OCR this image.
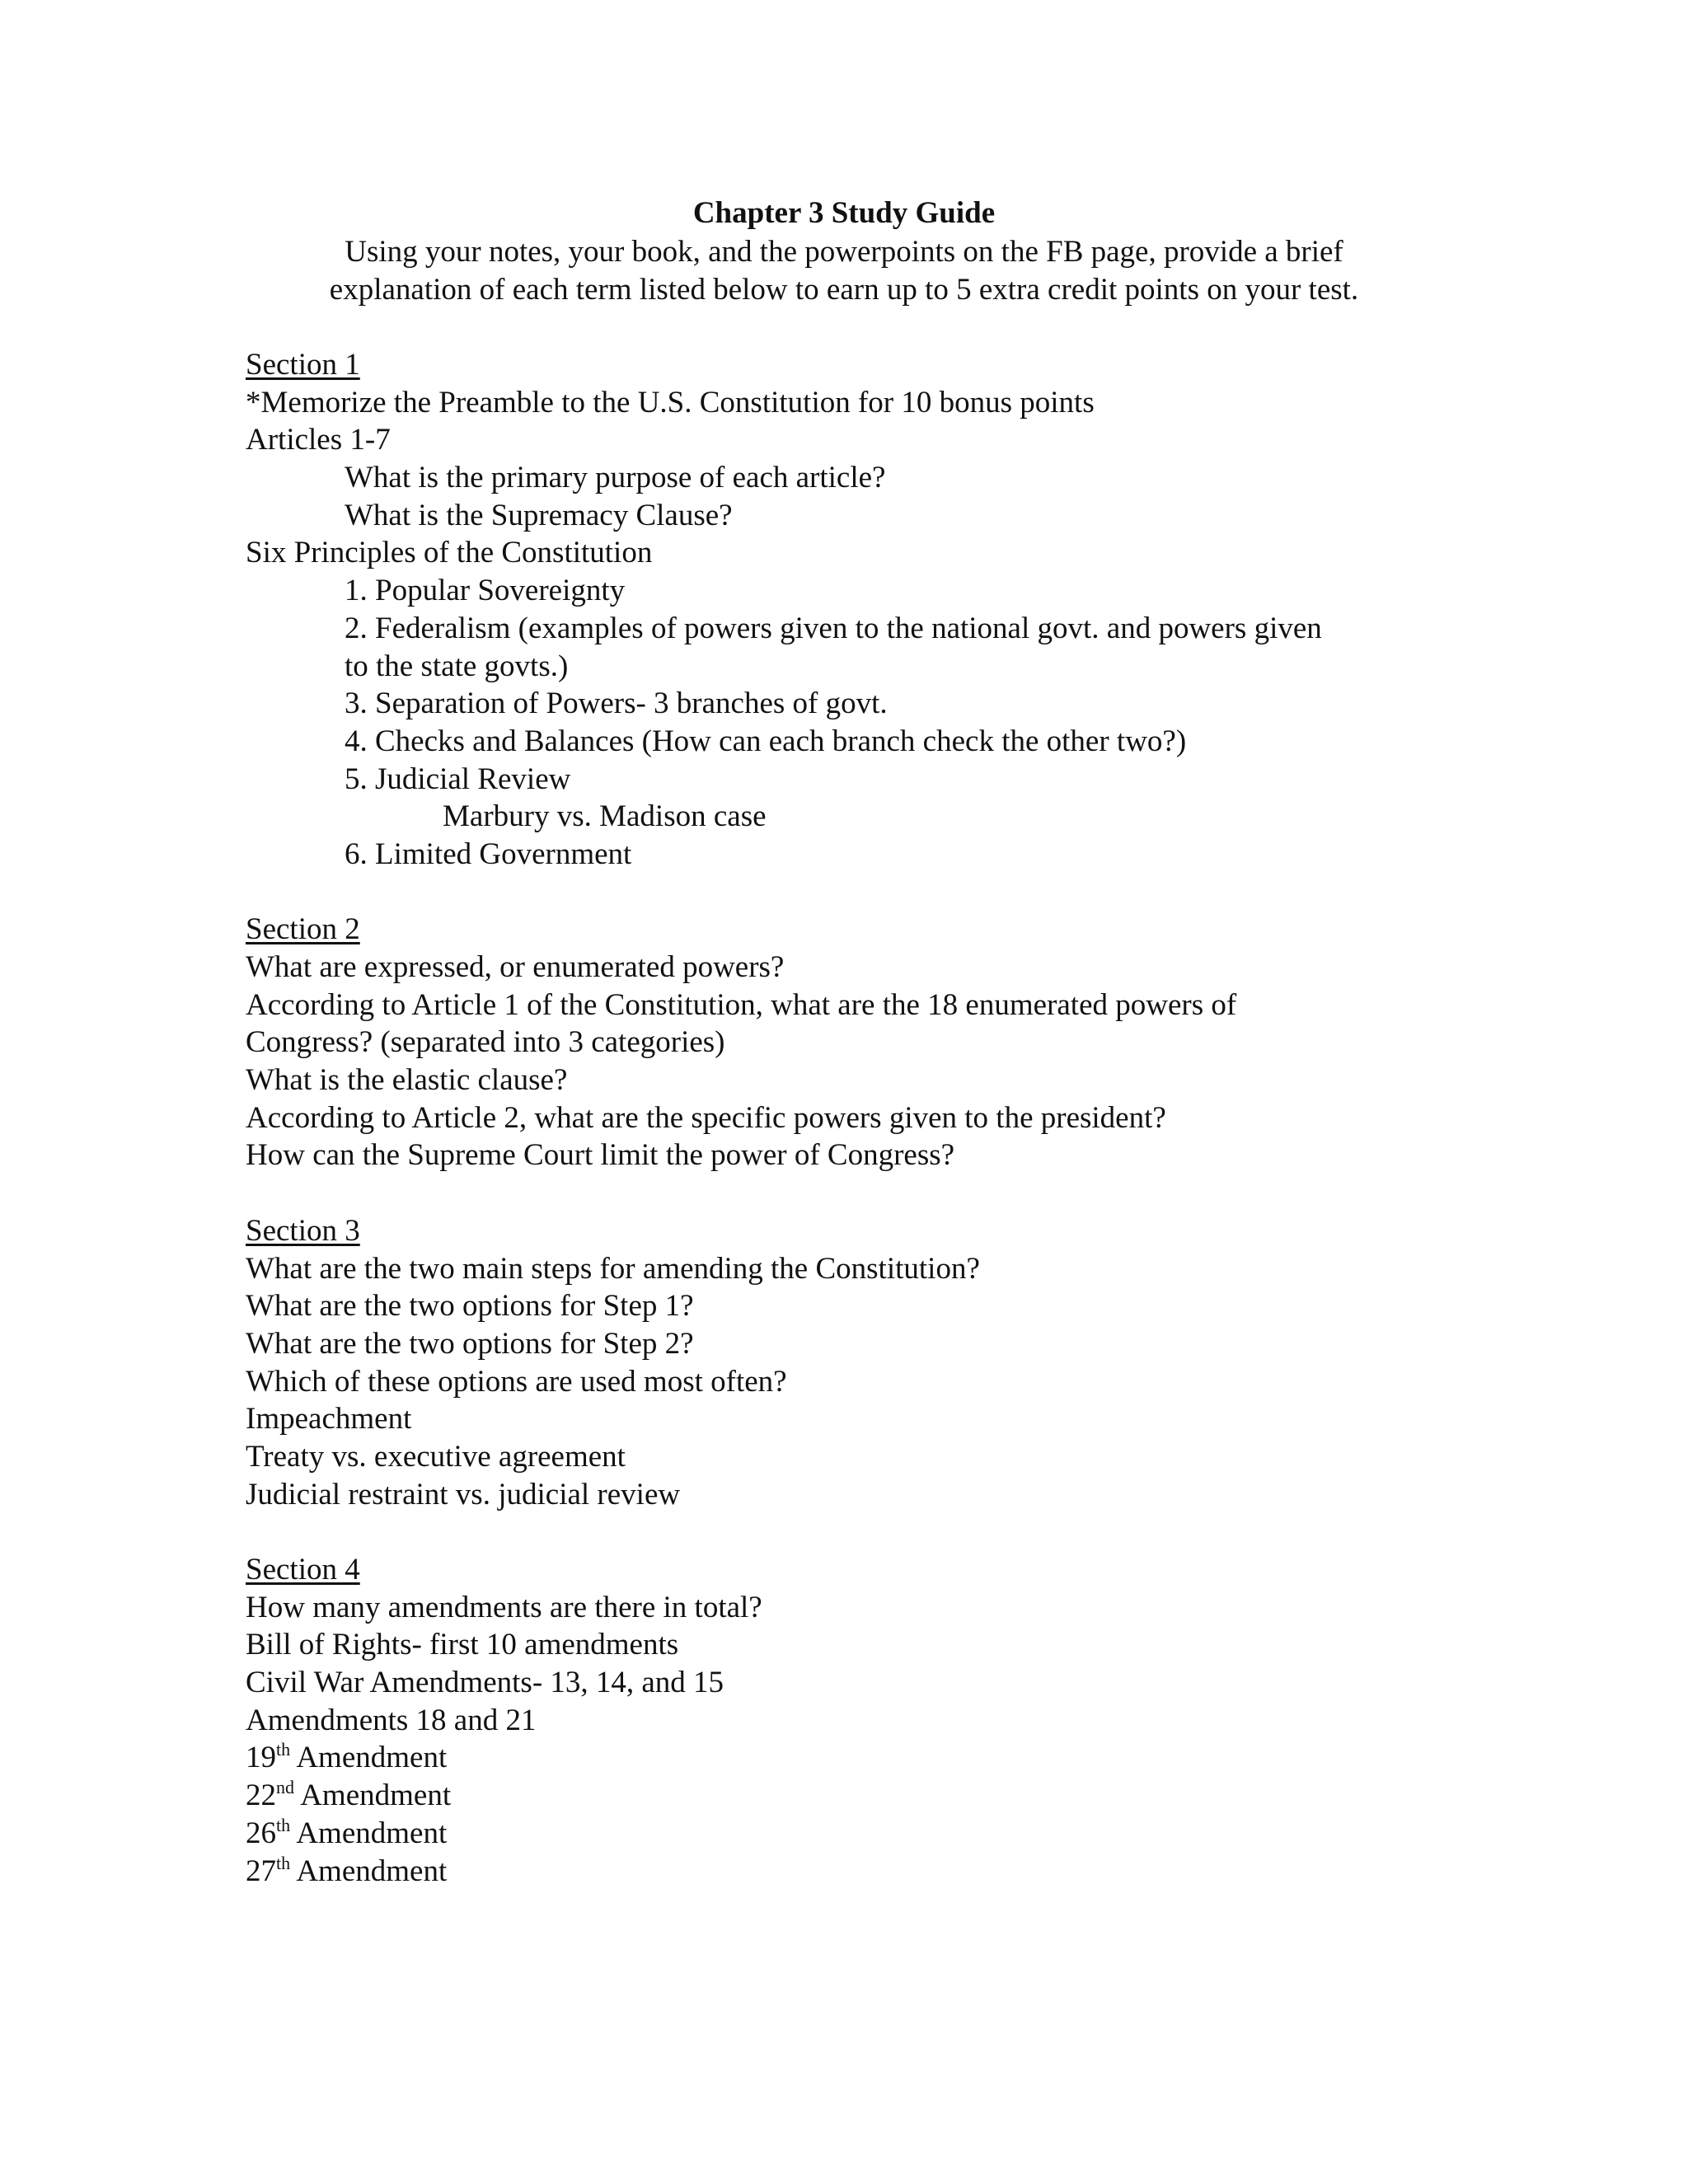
Chapter 3 Study Guide
Using your notes, your book, and the powerpoints on the FB page, provide a brief
explanation of each term listed below to earn up to 5 extra credit points on your test.
Section 1
*Memorize the Preamble to the U.S. Constitution for 10 bonus points
Articles 1-7
What is the primary purpose of each article?
What is the Supremacy Clause?
Six Principles of the Constitution
1. Popular Sovereignty
2. Federalism (examples of powers given to the national govt. and powers given
to the state govts.)
3. Separation of Powers- 3 branches of govt.
4. Checks and Balances (How can each branch check the other two?)
5. Judicial Review
Marbury vs. Madison case
6. Limited Government
Section 2
What are expressed, or enumerated powers?
According to Article 1 of the Constitution, what are the 18 enumerated powers of
Congress? (separated into 3 categories)
What is the elastic clause?
According to Article 2, what are the specific powers given to the president?
How can the Supreme Court limit the power of Congress?
Section 3
What are the two main steps for amending the Constitution?
What are the two options for Step 1?
What are the two options for Step 2?
Which of these options are used most often?
Impeachment
Treaty vs. executive agreement
Judicial restraint vs. judicial review
Section 4
How many amendments are there in total?
Bill of Rights- first 10 amendments
Civil War Amendments- 13, 14, and 15
Amendments 18 and 21
19th Amendment
22nd Amendment
26th Amendment
27th Amendment
